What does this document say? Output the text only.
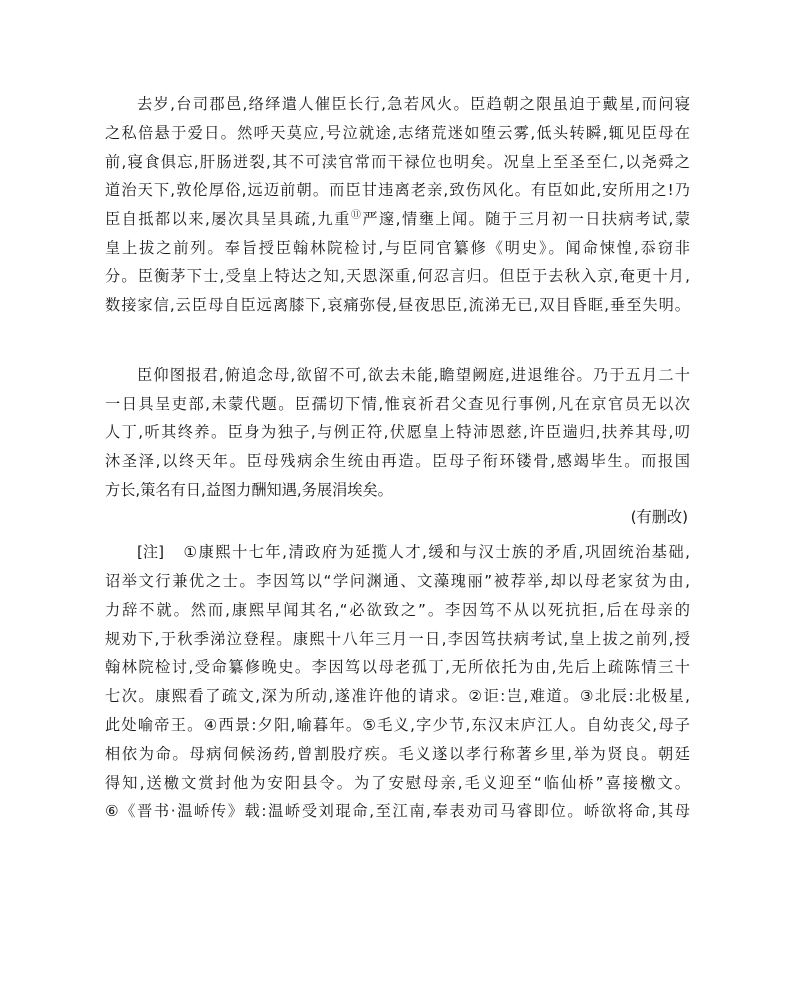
去岁,台司郡邑,络绎遣人催臣长行,急若风火。臣趋朝之限虽迫于戴星,而问寝
之私倍悬于爱日。然呼天莫应,号泣就途,志绪荒迷如堕云雾,低头转瞬,辄见臣母在
前,寝食俱忘,肝肠迸裂,其不可渎官常而干禄位也明矣。况皇上至圣至仁,以尧舜之
道治天下,敦伦厚俗,远迈前朝。而臣甘违离老亲,致伤风化。有臣如此,安所用之!乃
臣自抵都以来,屡次具呈具疏,九重⑪严邃,情壅上闻。随于三月初一日扶病考试,蒙
皇上拔之前列。奉旨授臣翰林院检讨,与臣同官纂修《明史》。闻命悚惶,忝窃非
分。臣衡茅下士,受皇上特达之知,天恩深重,何忍言归。但臣于去秋入京,奄更十月,
数接家信,云臣母自臣远离膝下,哀痛弥侵,昼夜思臣,流涕无已,双目昏眶,垂至失明。
臣仰图报君,俯追念母,欲留不可,欲去未能,瞻望阙庭,进退维谷。乃于五月二十
一日具呈吏部,未蒙代题。臣孺切下情,惟哀祈君父查见行事例,凡在京官员无以次
人丁,听其终养。臣身为独子,与例正符,伏愿皇上特沛恩慈,许臣遄归,扶养其母,叨
沐圣泽,以终天年。臣母残病余生统由再造。臣母子衔环镂骨,感竭毕生。而报国
方长,策名有日,益图力酬知遇,务展涓埃矣。
(有删改)
[注] ①康熙十七年,清政府为延揽人才,缓和与汉士族的矛盾,巩固统治基础,
诏举文行兼优之士。李因笃以“学问渊通、文藻瑰丽”被荐举,却以母老家贫为由,
力辞不就。然而,康熙早闻其名,“必欲致之”。李因笃不从以死抗拒,后在母亲的
规劝下,于秋季涕泣登程。康熙十八年三月一日,李因笃扶病考试,皇上拔之前列,授
翰林院检讨,受命纂修晚史。李因笃以母老孤丁,无所依托为由,先后上疏陈情三十
七次。康熙看了疏文,深为所动,遂准许他的请求。②讵:岂,难道。③北辰:北极星,
此处喻帝王。④西景:夕阳,喻暮年。⑤毛义,字少节,东汉末庐江人。自幼丧父,母子
相依为命。母病伺候汤药,曾割股疗疾。毛义遂以孝行称著乡里,举为贤良。朝廷
得知,送檄文赏封他为安阳县令。为了安慰母亲,毛义迎至“临仙桥”喜接檄文。
⑥《晋书·温峤传》载:温峤受刘琨命,至江南,奉表劝司马睿即位。峤欲将命,其母
